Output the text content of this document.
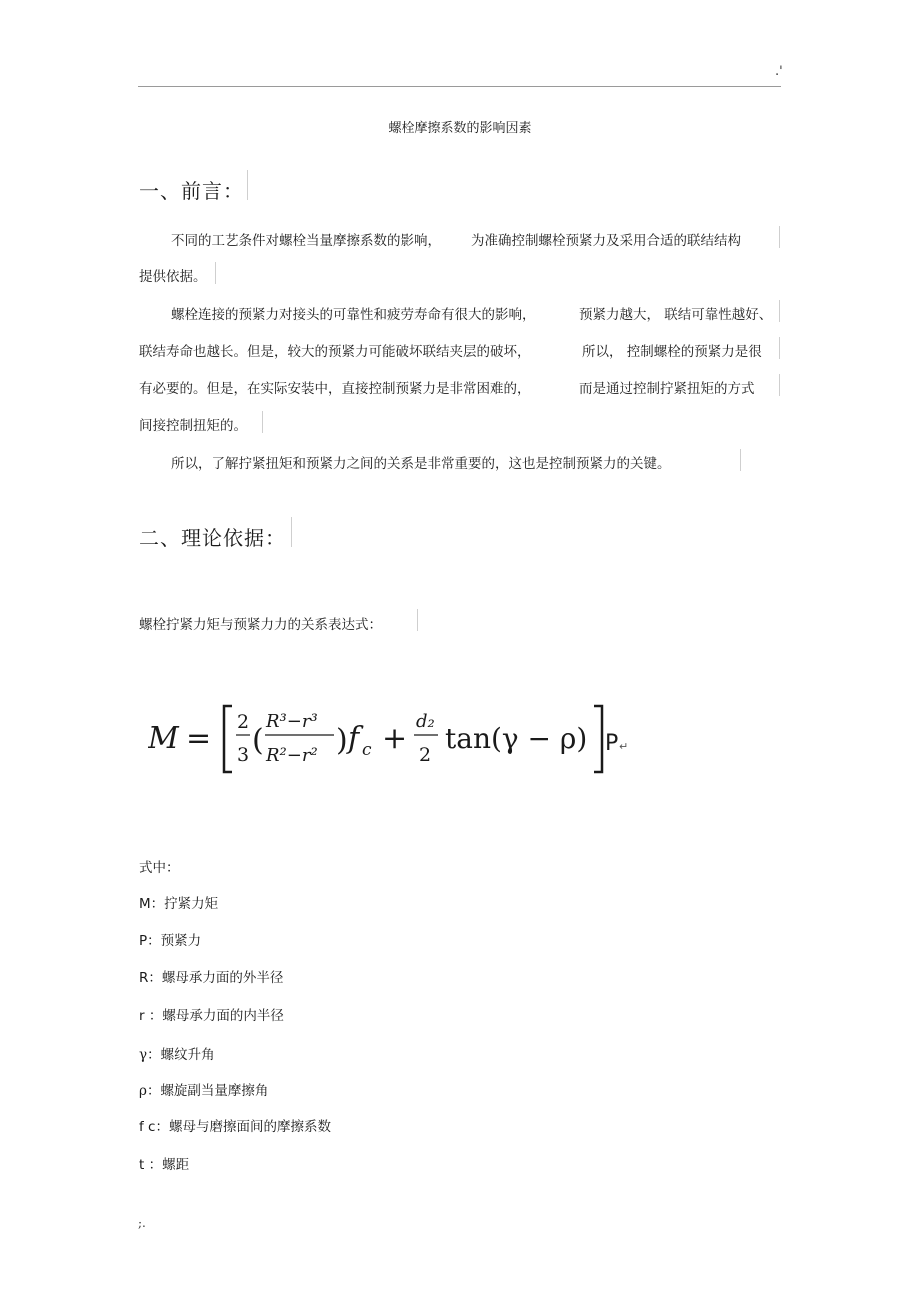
.'
螺栓摩擦系数的影响因素
一、前言：
不同的工艺条件对螺栓当量摩擦系数的影响， 为准确控制螺栓预紧力及采用合适的联结结构
提供依据。
螺栓连接的预紧力对接头的可靠性和疲劳寿命有很大的影响，	预紧力越大， 联结可靠性越好、
联结寿命也越长。但是，较大的预紧力可能破坏联结夹层的破坏，	所以， 控制螺栓的预紧力是很
有必要的。但是，在实际安装中，直接控制预紧力是非常困难的，	而是通过控制拧紧扭矩的方式
间接控制扭矩的。
所以，了解拧紧扭矩和预紧力之间的关系是非常重要的，这也是控制预紧力的关键。
二、理论依据：
螺栓拧紧力矩与预紧力力的关系表达式：
M = 2
3 (
R³−r³
R²−r² ) f c + d₂
2 tan(γ − ρ) P ↵
式中：
M：拧紧力矩
P：预紧力
R：螺母承力面的外半径
r ：螺母承力面的内半径
γ：螺纹升角
ρ：螺旋副当量摩擦角
f c：螺母与磨擦面间的摩擦系数
t ：螺距
;.
